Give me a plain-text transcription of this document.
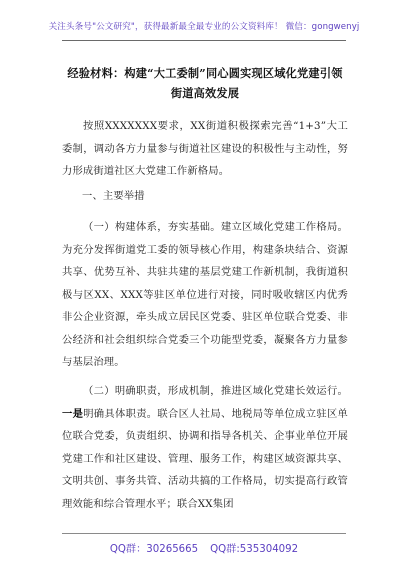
关注头条号"公文研究"，获得最新最全最专业的公文资料库！ 微信：gongwenyj
经验材料：构建“大工委制”同心圆实现区域化党建引领
街道高效发展
按照XXXXXXX要求，XX街道积极探索完善“1+3”大工委制，调动各方力量参与街道社区建设的积极性与主动性，努力形成街道社区大党建工作新格局。
一、主要举措
（一）构建体系，夯实基础。建立区域化党建工作格局。为充分发挥街道党工委的领导核心作用，构建条块结合、资源共享、优势互补、共驻共建的基层党建工作新机制，我街道积极与区XX、XXX等驻区单位进行对接，同时吸收辖区内优秀非公企业资源，牵头成立居民区党委、驻区单位联合党委、非公经济和社会组织综合党委三个功能型党委，凝聚各方力量参与基层治理。
（二）明确职责，形成机制，推进区域化党建长效运行。一是明确具体职责。联合区人社局、地税局等单位成立驻区单位联合党委，负责组织、协调和指导各机关、企事业单位开展党建工作和社区建设、管理、服务工作，构建区域资源共享、文明共创、事务共管、活动共搞的工作格局，切实提高行政管理效能和综合管理水平；联合XX集团
QQ群：30265665 QQ群:535304092
